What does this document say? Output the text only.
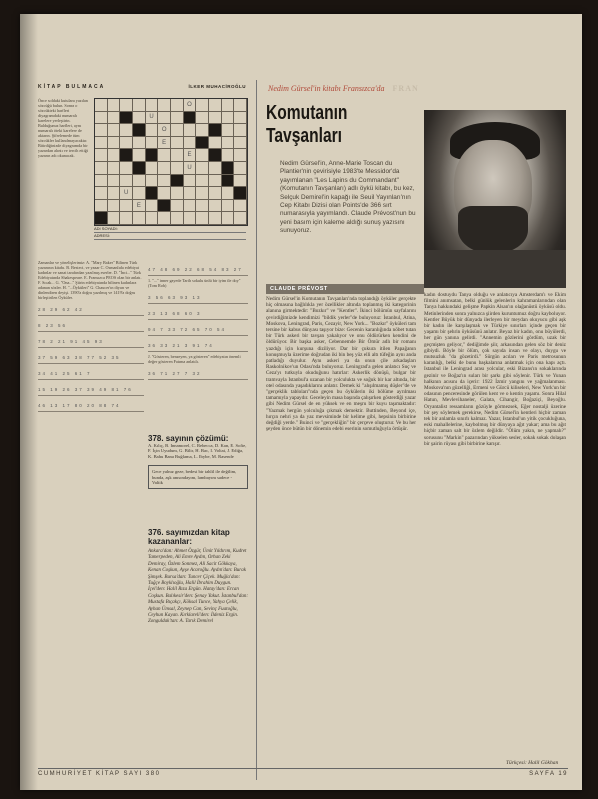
KİTAP BULMACA	İLKER MUHACİROĞLU
Önce soldaki kutulara yazılan sözcüğü bulun. Sonra o sözcükteki harfleri diyagramdaki numaralı karelere yerleştirin. Bulduğunuz harfleri, aynı numaralı öteki karelere de aktarın. Şifrelemede tüm sözcükler kullanılmayacaktır. Bitirdiğinizde diyagramda bir yazardan alıntı ve tercih ettiği yazarın adı okunacak.
O
U
O
E
E
U
U
E
ADI SOYADI:
ADRESİ:
Zamanlar ve yönelişlerimiz: A. "Mary Baker" Bilinen Türk yazarının kitabı. B. Besteci, ve yazar C. Osmanlıda edebiyat kadınlar ve sanat tarafından yazılmış eserler. D. "İnci..." Türk Edebiyatında Shakespeare. E. Fransızca PEOS olan bir anlatı. F. Sıcak... G. "Ona..." Şiirin edebiyatında bilinen kadınlara adanan sözler. H. "...Öyküleri" G. Chaucer'ın diyarı ve dinlendiren deyişi. 1390'a doğru yazılmış ve 1419'a doğru birleştirilen Öyküler.
28 29 62 42
8 23 56
78 2 21 91 45 93
37 59 63 38 77 52 35
34 41 25 61 7
15 19 26 37 39 49 81 76
46 13 17 80 20 88 74
47 48 69 22 68 54 83 27
1. "..." inner gayede Tarih sokulu ünlü bir iyim ile doy" (Tom Rob)
3 56 63 93 13
23 13 68 60 3
94 7 33 72 65 70 54
36 33 21 3 91 74
J. "Gösteren, benzeyen, ya gösteren" edebiyatın önemli değer gösteren Fatıma anlatılı.
36 71 27 7 32
378. sayının çözümü:
A. Kılıç, B. Innamorel, C. Rebecca, D. Kan, E. Sofie, F. İçin Uyudum, G. Bilir, H. Bac, I. Voltai, J. Ediğa, K. Bahu Bana Buğlama, L. Ibybe, M. Rasende
Gece yalnız geze, bedesi bir tahlil ile değilim, bunda, aşk anısındayım, lambayım sadece - Valiik
376. sayımızdan kitap kazananlar:

Ankara'dan: Ahmet Özgür, Ümit Yıldırım, Kudret Tamerpeden, Ali Emre Aydın, Orhan Zeki Demiray, Özlem Sonmez, Ali Sacit Gökkaya, Kenan Coşkun, Ayşe Acaroğlu. Aydın'dan: Burak Şimşek. Bursa'dan: Tuncer Çiçek. Muğla'dan: Tuğçe Boyklıoğlu, Halil İbrahim Duygun. İçel'den: Halil Rıza Ergün. Hatay'dan: Ercan Coşkun. Balıkesir'den: Şenay Yakut. İstanbul'dan: Mustafa Bıçakçı, Köksal Tunce, Yahya Çelik, Ayhan Ümsal, Zeynep Can, Sevinç Fuatoğlu, Ceyhun Kayan. Kırklareli'den: İldeniz Ergin. Zonguldak'tan: A. Tarık Demirel

Nedim Gürsel'in kitabı Fransızca'da FRAN
Komutanın
Tavşanları
Nedim Gürsel'in, Anne-Marie Toscan du Plantier'nin çevirisiyle 1983'te Messidor'da yayımlanan "Les Lapins du Commandant" (Komutanın Tavşanları) adlı öykü kitabı, bu kez, Selçuk Demirel'in kapağı ile Seuil Yayınları'nın Cep Kitabı Dizisi olan Points'de 366 sırt numarasıyla yayımlandı. Claude Prévost'nun bu yeni basım için kaleme aldığı sunuş yazısını sunuyoruz.
CLAUDE PRÉVOST
Nedim Gürsel'in Komutanın Tavşanları'nda toplandığı öyküler gerçekte hiç olmasına bağlılıkla yer özellikler altında toplanmış iki kategorinin alanına girmektedir: "Bozkır" ve "Kentler". İkinci bölümün sayfalarını çevirdiğimizde kendimizi "bildik yerler"de buluyoruz: İstanbul, Atina, Moskova, Leningrad, Paris, Cezayir, New York... "Bozkır" öyküleri tam tersine bir kabus dünyası taşıyor bize: Gecenin karanlığında nöbet tutan bir Türk askeri bir tavşan yakalıyor ve onu öldürürken kendini de öldürüyor. Bir başka asker, Cebennemde Bir Ömür adlı bir romanı yazdığı için kurşuna diziliyor. Dar bir çukura itilen Papağanın konuşmuyla üzerime doğrudan iki bin beş yüz elli altı tüfeğin aynı anda patladığı duyulur. Aynı askeri ya da onun çile arkadaşları Raskolnikov'un Odası'nda buluyoruz. Leningrad'a gelen anlatıcı Suç ve Ceza'yı tutkuyla okuduğunu hatırlar: Askerlik dönüşü, bulgar bir tramvayla Istanbul'a uzanan bir yolculukta ve soğuk bir kar altında, bir otel odasında yaşadıklarını anlatır. Demek ki "alışılmamış düşler"de ve "gerçeklik tabloları"nda geçen bu öykülerin iki bölüme ayrılması tamamıyla yapaydır. Geceleyin masa başında çalışırken gösterdiği yazar gibi Nedim Gürsel de en yüksek ve en meşru bir kuyu taşımaktadır: "Yazmak hergün yolculuğa çıkmak demektir. Buttinden, Beyond içe, hırçın nehri ya da yaz mevsiminde bir kelime gibi, hepsinin birbirine değdiği yerde." Buinci ve "gerçekliğin" bir çerçeve oluşturur. Ve bu her şeyden önce bütün bir dönemin edebi eserinin somutluğuyla örtüşür.
kadın dostuydu Tanya olduğu ve anlatıcıya Amsterdam'ı ve Ekim filmini anımsatan, belki günlük gelenlerin kahramanlarından olan Tanya hakkındaki gelişme Papkin Alsan'ın olağanüstü öyküsü oldu. Metinlerinden sonra yalnızca şiirden kuruntumuz doğru kayboluyor. Kentler Büyük bir dünyada ilerleyen bir meydan okuyucu gibi aşk bir kadın ile karşılaşmak ve Türkiye sınırları içinde geçen bir yaşamı bir şehrin öyküsünü anlatır. Beyaz bir kadın, onu büyülerdi, her gün yanına gelirdi. "Annemin gözlerini gördüm, uzak bir geçmişten geliyor," dediğimde şiir, arkasından gelen söz bir deniz gibiydi. Böyle bir ölüm, çok sayıda insan ve olayı, duygu ve mutsuzluk "da gözetirdi." Sürgün acıları ve Paris metrosunun karanlığı, belki de bunu başkalarına anlatmak için ona kapı açtı. Istanbul ile Leningrad arası yolcular, eski Bizans'ın sokaklarında gezinir ve Boğaz'ın suları bir şarkı gibi söylenir. Türk ve Yunan halkının acısını da içerir: 1922 İzmir yangını ve yağmalanması. Moskova'nın güzelliği, Ermeni ve Gürcü kiliseleri, New York'un bir odasının penceresinde görülen kent ve o kentin yaşamı. Sonra Hilal Hatun, Mevlevihaneler, Galata, Cihangir, Boğaziçi, Beyoğlu. Oryantalist ressamların gözüyle görmezsek, Eğer nostalji üzerine bir şey söylemek gerekirse, Nedim Gürsel'in kentleri hiçbir zaman tek bir anlamla sınırlı kalmaz. Yazar, Istanbul'un yitik çocukluğuna, eski mahallelerine, kaybolmuş bir dünyaya ağıt yakar; ama bu ağıt hiçbir zaman salt bir özlem değildir. "Ölüm yakın, ne yapmalı?" sorusunu "Markin" pazarından yükselen sesler, sokak sokak dolaşan bir şairin rüyası gibi birbirine karışır.
Türkçesi: Halil Gökhan
CUMHURİYET KİTAP SAYI 380	SAYFA 19
